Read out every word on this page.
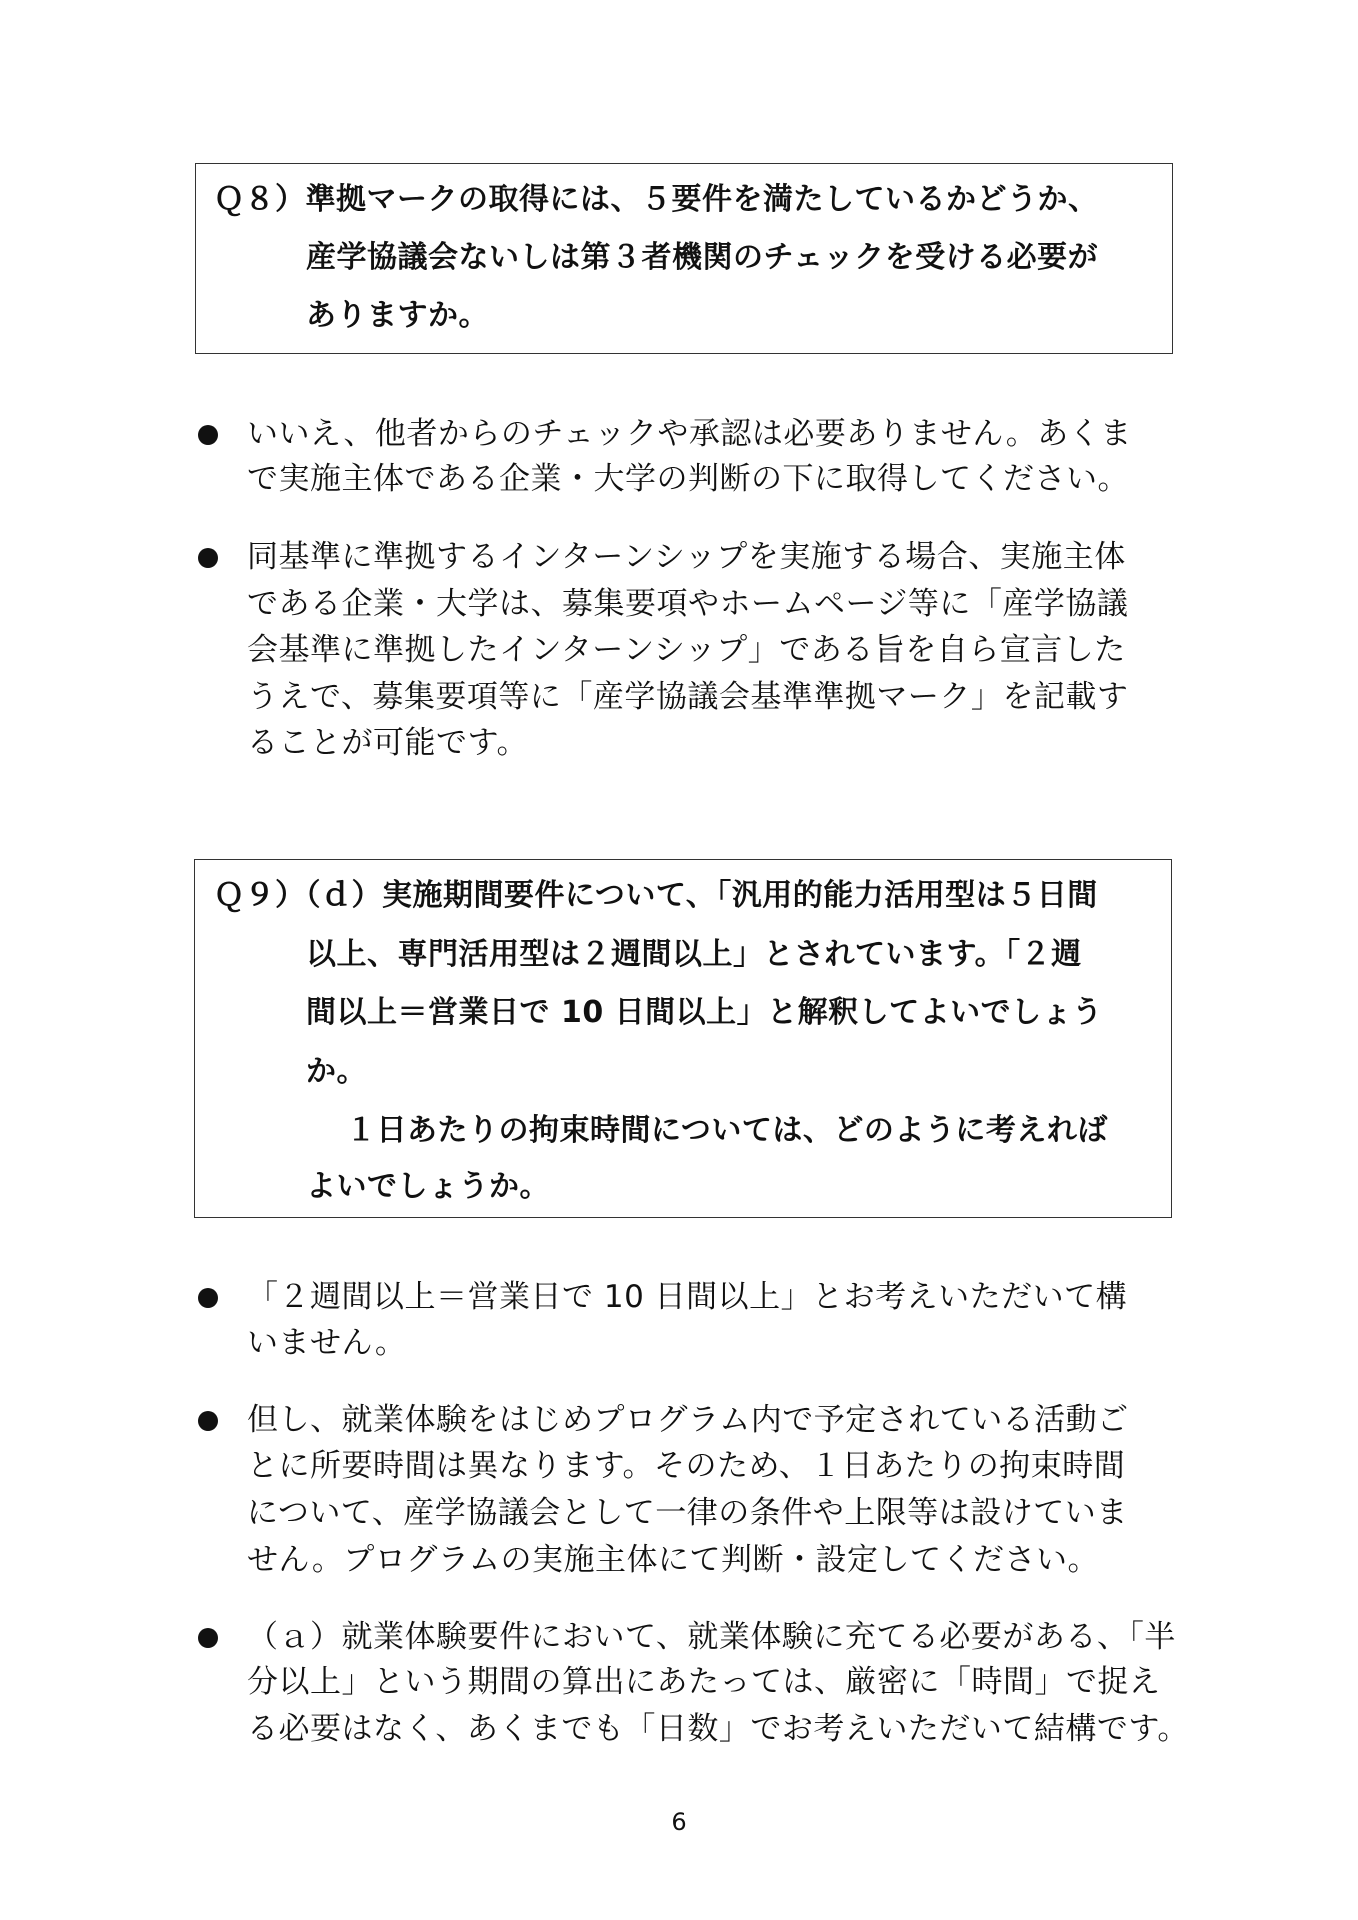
Ｑ８）準拠マークの取得には、５要件を満たしているかどうか、
産学協議会ないしは第３者機関のチェックを受ける必要が
ありますか。
いいえ、他者からのチェックや承認は必要ありません。あくま
で実施主体である企業・大学の判断の下に取得してください。
同基準に準拠するインターンシップを実施する場合、実施主体
である企業・大学は、募集要項やホームページ等に「産学協議
会基準に準拠したインターンシップ」である旨を自ら宣言した
うえで、募集要項等に「産学協議会基準準拠マーク」を記載す
ることが可能です。
Ｑ９）（ｄ）実施期間要件について、「汎用的能力活用型は５日間
以上、専門活用型は２週間以上」とされています。「２週
間以上＝営業日で 10 日間以上」と解釈してよいでしょう
か。
１日あたりの拘束時間については、どのように考えれば
よいでしょうか。
「２週間以上＝営業日で 10 日間以上」とお考えいただいて構
いません。
但し、就業体験をはじめプログラム内で予定されている活動ご
とに所要時間は異なります。そのため、１日あたりの拘束時間
について、産学協議会として一律の条件や上限等は設けていま
せん。プログラムの実施主体にて判断・設定してください。
（ａ）就業体験要件において、就業体験に充てる必要がある、「半
分以上」という期間の算出にあたっては、厳密に「時間」で捉え
る必要はなく、あくまでも「日数」でお考えいただいて結構です。
6
